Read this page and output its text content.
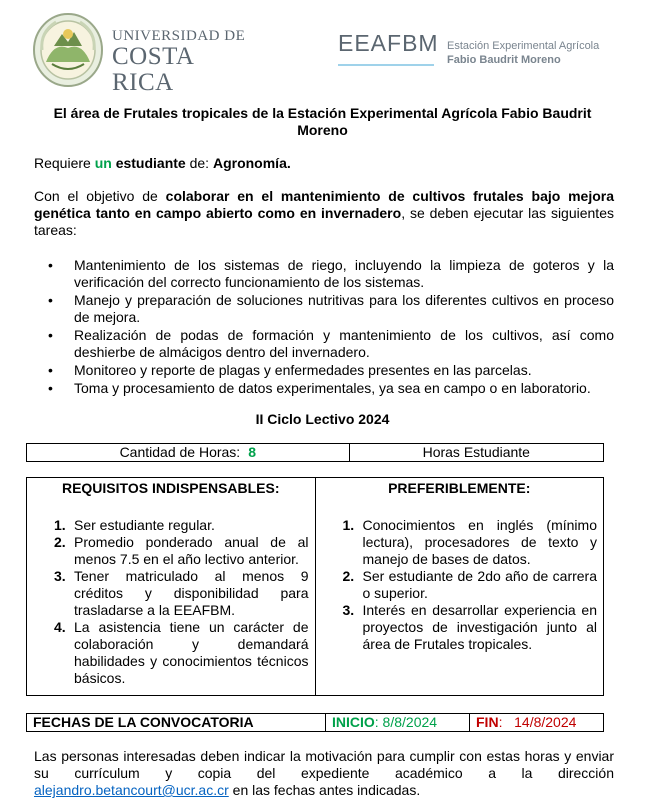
UNIVERSIDAD DE
COSTA RICA
EEAFBM Estación Experimental Agrícola
Fabio Baudrit Moreno
El área de Frutales tropicales de la Estación Experimental Agrícola Fabio Baudrit Moreno
Requiere un estudiante de: Agronomía.
Con el objetivo de colaborar en el mantenimiento de cultivos frutales bajo mejora genética tanto en campo abierto como en invernadero, se deben ejecutar las siguientes tareas:
• Mantenimiento de los sistemas de riego, incluyendo la limpieza de goteros y la verificación del correcto funcionamiento de los sistemas.
• Manejo y preparación de soluciones nutritivas para los diferentes cultivos en proceso de mejora.
• Realización de podas de formación y mantenimiento de los cultivos, así como deshierbe de almácigos dentro del invernadero.
• Monitoreo y reporte de plagas y enfermedades presentes en las parcelas.
• Toma y procesamiento de datos experimentales, ya sea en campo o en laboratorio.
II Ciclo Lectivo 2024
Cantidad de Horas: 8	Horas Estudiante
REQUISITOS INDISPENSABLES:
1. Ser estudiante regular.
2. Promedio ponderado anual de al menos 7.5 en el año lectivo anterior.
3. Tener matriculado al menos 9 créditos y disponibilidad para trasladarse a la EEAFBM.
4. La asistencia tiene un carácter de colaboración y demandará habilidades y conocimientos técnicos básicos.

PREFERIBLEMENTE:
1. Conocimientos en inglés (mínimo lectura), procesadores de texto y manejo de bases de datos.
2. Ser estudiante de 2do año de carrera o superior.
3. Interés en desarrollar experiencia en proyectos de investigación junto al área de Frutales tropicales.
FECHAS DE LA CONVOCATORIA	INICIO: 8/8/2024	FIN:   14/8/2024
Las personas interesadas deben indicar la motivación para cumplir con estas horas y enviar su currículum y copia del expediente académico a la dirección alejandro.betancourt@ucr.ac.cr en las fechas antes indicadas.
